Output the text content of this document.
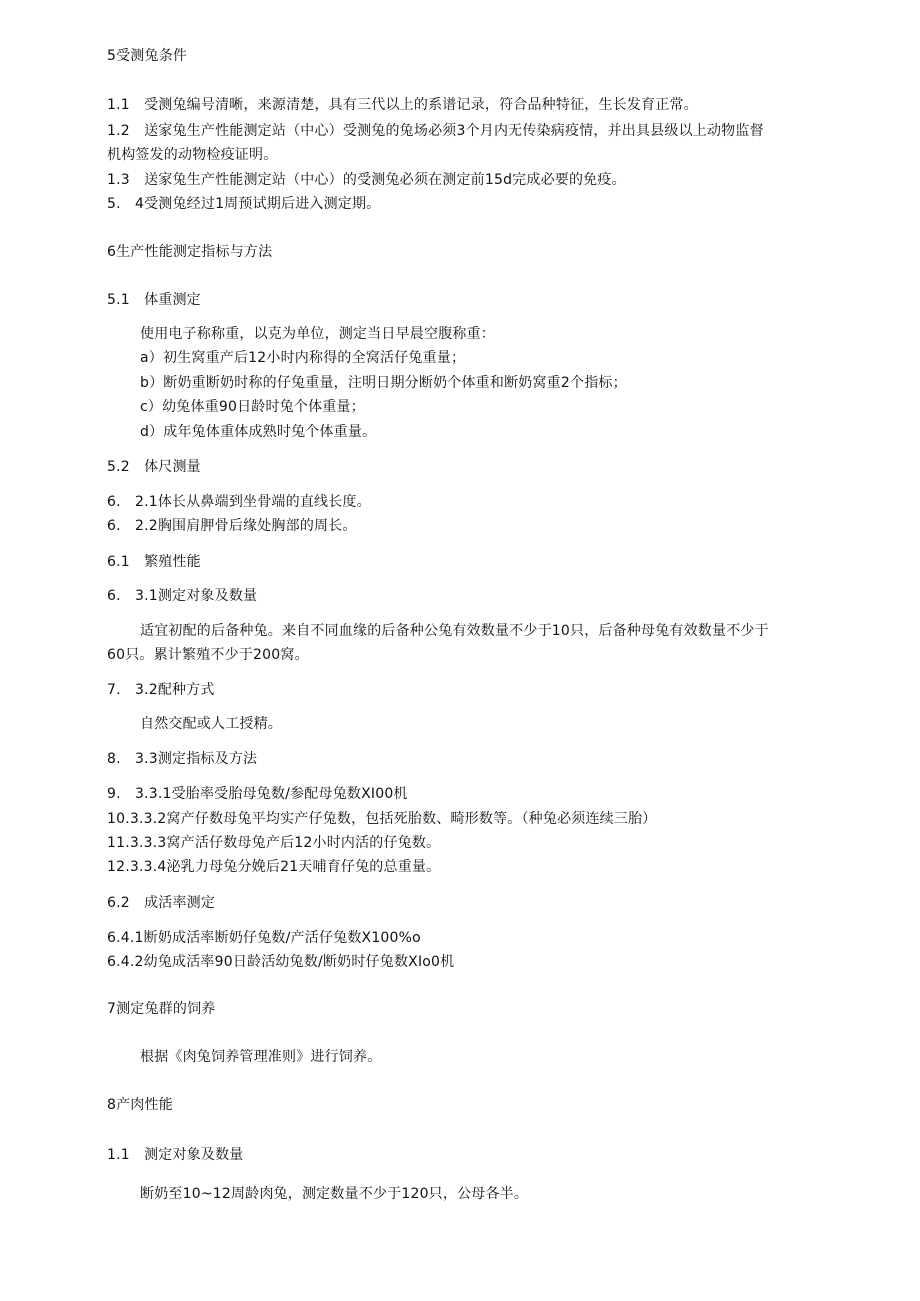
5受测兔条件
1.1　受测兔编号清晰，来源清楚，具有三代以上的系谱记录，符合品种特征，生长发育正常。
1.2　送家兔生产性能测定站（中心）受测兔的兔场必须3个月内无传染病疫情，并出具县级以上动物监督
机构签发的动物检疫证明。
1.3　送家兔生产性能测定站（中心）的受测兔必须在测定前15d完成必要的免疫。
5.　4受测兔经过1周预试期后进入测定期。
6生产性能测定指标与方法
5.1　体重测定
使用电子称称重，以克为单位，测定当日早晨空腹称重：
a）初生窝重产后12小时内称得的全窝活仔兔重量；
b）断奶重断奶时称的仔兔重量，注明日期分断奶个体重和断奶窝重2个指标；
c）幼兔体重90日龄时兔个体重量；
d）成年兔体重体成熟时兔个体重量。
5.2　体尺测量
6.　2.1体长从鼻端到坐骨端的直线长度。
6.　2.2胸围肩胛骨后缘处胸部的周长。
6.1　繁殖性能
6.　3.1测定对象及数量
适宜初配的后备种兔。来自不同血缘的后备种公兔有效数量不少于10只，后备种母兔有效数量不少于
60只。累计繁殖不少于200窝。
7.　3.2配种方式
自然交配或人工授精。
8.　3.3测定指标及方法
9.　3.3.1受胎率受胎母兔数/参配母兔数XI00机
10.3.3.2窝产仔数母兔平均实产仔兔数，包括死胎数、畸形数等。（种兔必须连续三胎）
11.3.3.3窝产活仔数母兔产后12小时内活的仔兔数。
12.3.3.4泌乳力母兔分娩后21天哺育仔兔的总重量。
6.2　成活率测定
6.4.1断奶成活率断奶仔兔数/产活仔兔数X100%o
6.4.2幼兔成活率90日龄活幼兔数/断奶时仔兔数XIo0机
7测定兔群的饲养
根据《肉兔饲养管理准则》进行饲养。
8产肉性能
1.1　测定对象及数量
断奶至10~12周龄肉兔，测定数量不少于120只，公母各半。
